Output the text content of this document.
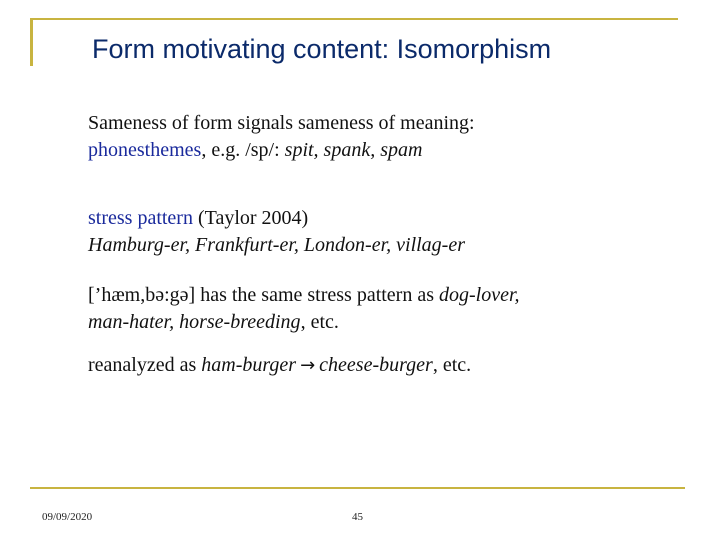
Form motivating content: Isomorphism
Sameness of form signals sameness of meaning:
phonesthemes, e.g. /sp/: spit, spank, spam
stress pattern (Taylor 2004)
Hamburg-er, Frankfurt-er, London-er, villag-er
[’hæm,bə:gə] has the same stress pattern as dog-lover,
man-hater, horse-breeding, etc.
reanalyzed as ham-burger → cheese-burger, etc.
09/09/2020	45
